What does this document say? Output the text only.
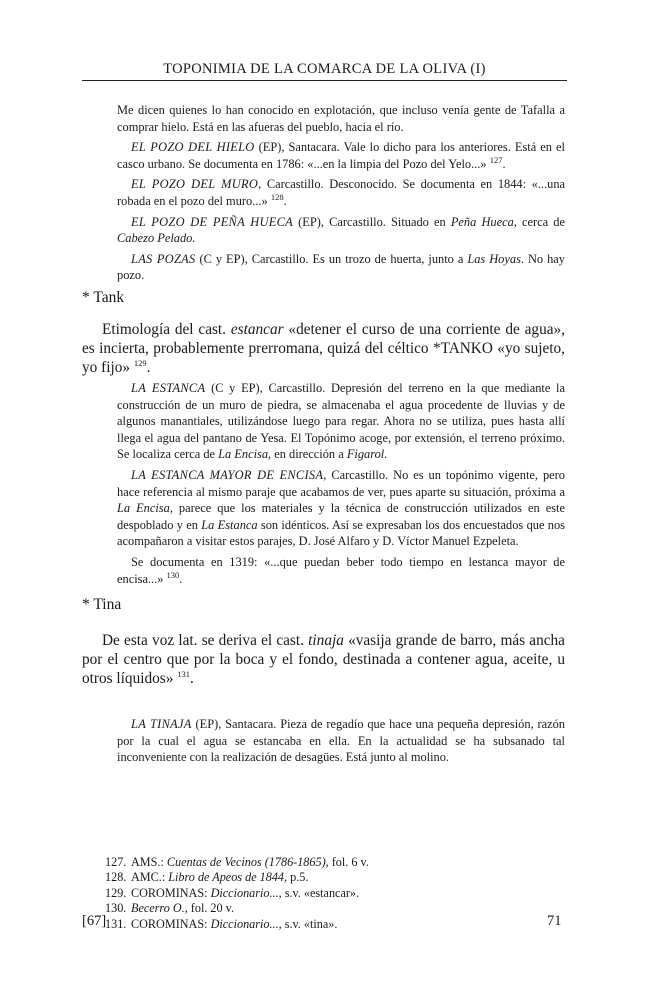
TOPONIMIA DE LA COMARCA DE LA OLIVA (I)

Me dicen quienes lo han conocido en explotación, que incluso venía gente de Tafalla a comprar hielo. Está en las afueras del pueblo, hacia el río.

EL POZO DEL HIELO (EP), Santacara. Vale lo dicho para los anteriores. Está en el casco urbano. Se documenta en 1786: «...en la limpia del Pozo del Yelo...» $^{127}$.

EL POZO DEL MURO, Carcastillo. Desconocido. Se documenta en 1844: «...una robada en el pozo del muro...» $^{128}$.

EL POZO DE PEÑA HUECA (EP), Carcastillo. Situado en Peña Hueca, cerca de Cabezo Pelado.

LAS POZAS (C y EP), Carcastillo. Es un trozo de huerta, junto a Las Hoyas. No hay pozo.

* Tank

Etimología del cast. estancar «detener el curso de una corriente de agua», es incierta, probablemente prerromana, quizá del céltico *TANKO «yo sujeto, yo fijo» $^{129}$.

LA ESTANCA (C y EP), Carcastillo. Depresión del terreno en la que mediante la construcción de un muro de piedra, se almacenaba el agua procedente de lluvias y de algunos manantiales, utilizándose luego para regar. Ahora no se utiliza, pues hasta allí llega el agua del pantano de Yesa. El Topónimo acoge, por extensión, el terreno próximo. Se localiza cerca de La Encisa, en dirección a Figarol.

LA ESTANCA MAYOR DE ENCISA, Carcastillo. No es un topónimo vigente, pero hace referencia al mismo paraje que acabamos de ver, pues aparte su situación, próxima a La Encisa, parece que los materiales y la técnica de construcción utilizados en este despoblado y en La Estanca son idénticos. Así se expresaban los dos encuestados que nos acompañaron a visitar estos parajes, D. José Alfaro y D. Víctor Manuel Ezpeleta.

Se documenta en 1319: «...que puedan beber todo tiempo en lestanca mayor de encisa...» $^{130}$.

* Tina

De esta voz lat. se deriva el cast. tinaja «vasija grande de barro, más ancha por el centro que por la boca y el fondo, destinada a contener agua, aceite, u otros líquidos» $^{131}$.

LA TINAJA (EP), Santacara. Pieza de regadío que hace una pequeña depresión, razón por la cual el agua se estancaba en ella. En la actualidad se ha subsanado tal inconveniente con la realización de desagües. Está junto al molino.

127. AMS.: Cuentas de Vecinos (1786-1865), fol. 6 v.
128. AMC.: Libro de Apeos de 1844, p.5.
129. COROMINAS: Diccionario..., s.v. «estancar».
130. Becerro O., fol. 20 v.
131. COROMINAS: Diccionario..., s.v. «tina».
[67]	71
